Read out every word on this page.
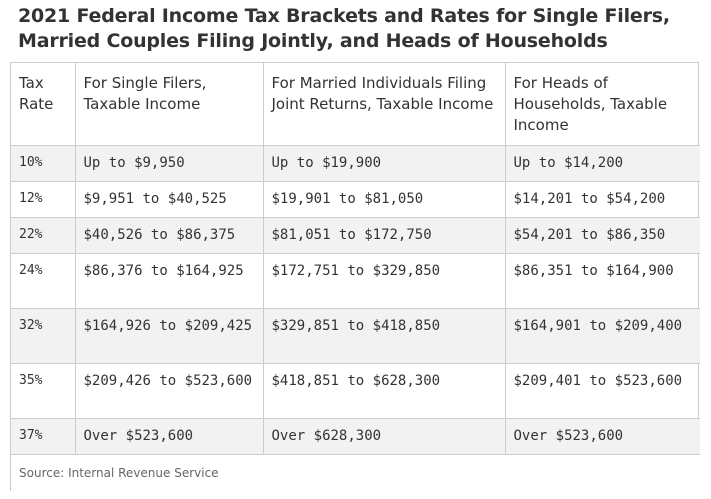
2021 Federal Income Tax Brackets and Rates for Single Filers, Married Couples Filing Jointly, and Heads of Households
Tax Rate	For Single Filers, Taxable Income	For Married Individuals Filing Joint Returns, Taxable Income	For Heads of Households, Taxable Income
10%	Up to $9,950	Up to $19,900	Up to $14,200
12%	$9,951 to $40,525	$19,901 to $81,050	$14,201 to $54,200
22%	$40,526 to $86,375	$81,051 to $172,750	$54,201 to $86,350
24%	$86,376 to $164,925	$172,751 to $329,850	$86,351 to $164,900
32%	$164,926 to $209,425	$329,851 to $418,850	$164,901 to $209,400
35%	$209,426 to $523,600	$418,851 to $628,300	$209,401 to $523,600
37%	Over $523,600	Over $628,300	Over $523,600
Source: Internal Revenue Service			
